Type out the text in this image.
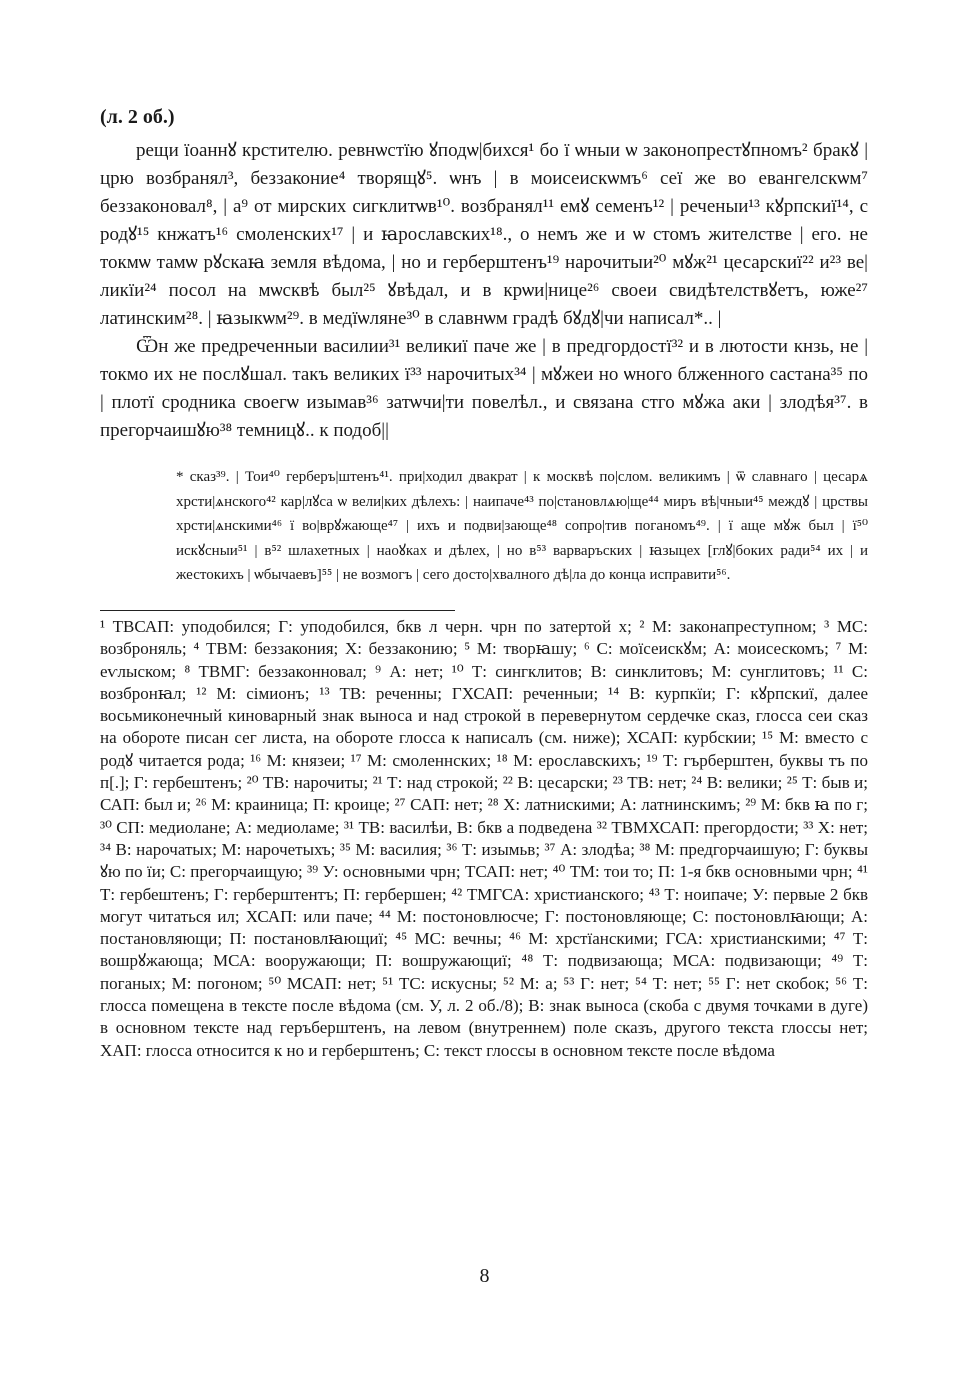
(л. 2 об.)

рещи їоаннꙋ крстителю. ревнѡстїю ꙋподѡ|бихся¹ бо ї ѡныи ѡ законопрестꙋпномъ² бракꙋ | црю возбранял³, беззаконие⁴ творящꙋ⁵. ѡнъ | в моисеискѡмъ⁶ сеї же во евангелскѡм⁷ беззаконовал⁸, | а⁹ от мирских сигклитѡв¹⁰. возбранял¹¹ емꙋ семенъ¹² | реченыи¹³ кꙋрпскиї¹⁴, с родꙋ¹⁵ кнжатъ¹⁶ смоленских¹⁷ | и ꙗрославских¹⁸., о немъ же и ѡ стомъ жителстве | его. не токмѡ тамѡ рꙋскаꙗ земля вѣдома, | но и герберштенъ¹⁹ нарочитыи²⁰ мꙋж²¹ цесарскиї²² и²³ ве|ликїи²⁴ посол на мѡсквѣ был²⁵ ꙋвѣдал, и в крѡи|нице²⁶ своеи свидѣтелствꙋетъ, юже²⁷ латинским²⁸. | ꙗзыкѡм²⁹. в медїѡляне³⁰ в славнѡм градѣ бꙋдꙋ|чи написал*.. |

Ѿн же предреченныи василии³¹ великиї паче же | в предгордостї³² и в лютости кнзь, не | токмо их не послꙋшал. такъ великих ї³³ нарочитых³⁴ | мꙋжеи но ѡного блженного састана³⁵ по | плотї сродника своегѡ изымав³⁶ затѡчи|ти повелѣл., и связана стго мꙋжа аки | злодѣя³⁷. в прегорчаишꙋю³⁸ темницꙋ.. к подоб||

* сказ³⁹. | Тои⁴⁰ герберъ|штенъ⁴¹. при|ходил двакрат | к москвѣ по|слом. великимъ | ѿ славнаго | цесарѧ хрсти|ѧнского⁴² кар|лꙋса ѡ вели|ких дѣлехъ: | наипаче⁴³ по|становлѧю|ще⁴⁴ миръ вѣ|чныи⁴⁵ междꙋ | црствы хрсти|ѧнскими⁴⁶ ї во|врꙋжающе⁴⁷ | ихъ и подви|зающе⁴⁸ сопро|тив поганомъ⁴⁹. | ї аще мꙋж был | ї⁵⁰ искꙋсныи⁵¹ | в⁵² шлахетных | наоꙋках и дѣлех, | но в⁵³ варваръских | ꙗзыцех [глꙋ|боких ради⁵⁴ их | и жестокихъ | ѡбычаевъ]⁵⁵ | не возмогъ | сего досто|хвалного дѣ|ла до конца исправити⁵⁶.
¹ ТВСАП: уподобился; Г: уподобился, бкв л черн. чрн по затертой х; ² М: законапреступном; ³ МС: возброняль; ⁴ ТВМ: беззакония; Х: беззаконию; ⁵ М: творꙗшу; ⁶ С: моїсеискꙋм; А: моисескомъ; ⁷ М: еѵлыском; ⁸ ТВМГ: беззаконновал; ⁹ А: нет; ¹⁰ Т: сингклитов; В: синклитовъ; М: сунглитовъ; ¹¹ С: возбронꙗл; ¹² М: сімионъ; ¹³ ТВ: реченны; ГХСАП: реченныи; ¹⁴ В: курпкїи; Г: кꙋрпскиї, далее восьмиконечный киноварный знак выноса и над строкой в перевернутом сердечке сказ, глосса сеи сказ на обороте писан сег листа, на обороте глосса к написалъ (см. ниже); ХСАП: курбскии; ¹⁵ М: вместо с родꙋ читается рода; ¹⁶ М: князеи; ¹⁷ М: смоленнских; ¹⁸ М: ерославскихъ; ¹⁹ Т: гърберштен, буквы тъ по п[.]; Г: гербештенъ; ²⁰ ТВ: нарочиты; ²¹ Т: над строкой; ²² В: цесарски; ²³ ТВ: нет; ²⁴ В: велики; ²⁵ Т: быв и; САП: был и; ²⁶ М: краиница; П: кроице; ²⁷ САП: нет; ²⁸ Х: латнискими; А: латнинскимъ; ²⁹ М: бкв ꙗ по г; ³⁰ СП: медиолане; А: медиоламе; ³¹ ТВ: василѣи, В: бкв а подведена ³² ТВМХСАП: прегордости; ³³ Х: нет; ³⁴ В: нарочатых; М: нарочетыхъ; ³⁵ М: василия; ³⁶ Т: изымьв; ³⁷ А: злодѣа; ³⁸ М: предгорчаишую; Г: буквы ꙋю по їи; С: прегорчаищую; ³⁹ У: основными чрн; ТСАП: нет; ⁴⁰ ТМ: тои то; П: 1-я бкв основными чрн; ⁴¹ Т: гербештенъ; Г: герберштентъ; П: гербершен; ⁴² ТМГСА: христианского; ⁴³ Т: ноипаче; У: первые 2 бкв могут читаться ил; ХСАП: или паче; ⁴⁴ М: постоновлюсче; Г: постоновляюще; С: постоновлꙗющи; А: постановляющи; П: постановлꙗющиї; ⁴⁵ МС: вечны; ⁴⁶ М: хрстїанскими; ГСА: христианскими; ⁴⁷ Т: вошрꙋжающа; МСА: вооружающи; П: вошружающиї; ⁴⁸ Т: подвизающа; МСА: подвизающи; ⁴⁹ Т: поганых; М: погоном; ⁵⁰ МСАП: нет; ⁵¹ ТС: искусны; ⁵² М: а; ⁵³ Г: нет; ⁵⁴ Т: нет; ⁵⁵ Г: нет скобок; ⁵⁶ Т: глосса помещена в тексте после вѣдома (см. У, л. 2 об./8); В: знак выноса (скоба с двумя точками в дуге) в основном тексте над геръберштенъ, на левом (внутреннем) поле сказъ, другого текста глоссы нет; ХАП: глосса относится к но и герберштенъ; С: текст глоссы в основном тексте после вѣдома
8
